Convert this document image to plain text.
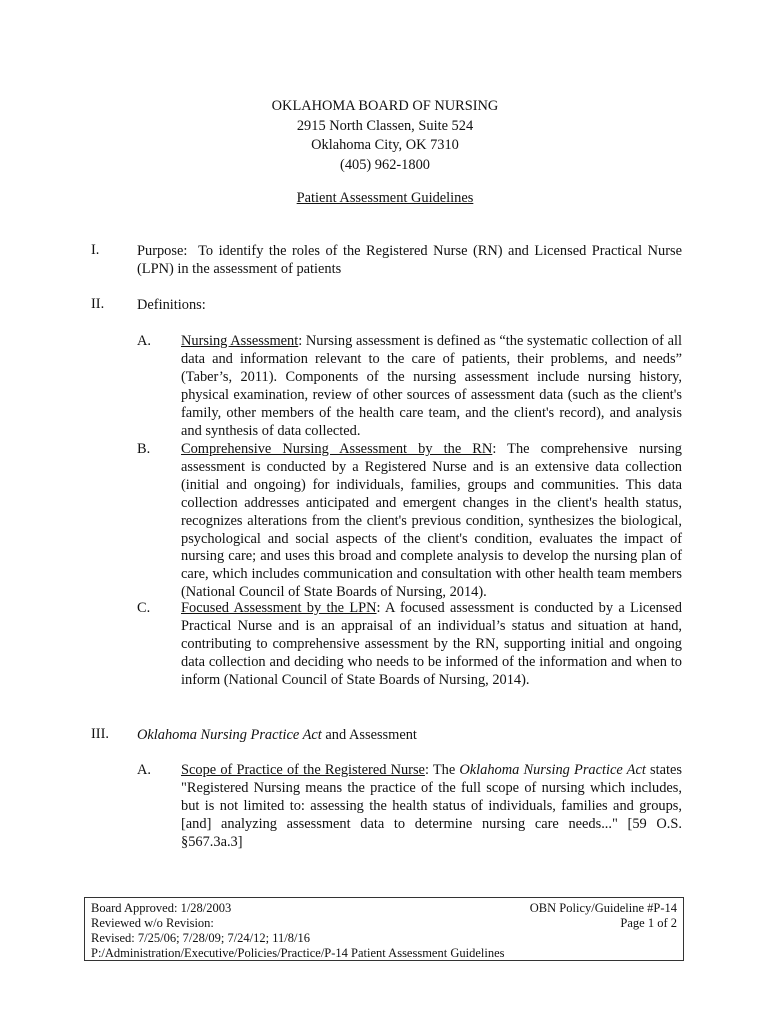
OKLAHOMA BOARD OF NURSING
2915 North Classen, Suite 524
Oklahoma City, OK 7310
(405) 962-1800
Patient Assessment Guidelines
I.	Purpose: To identify the roles of the Registered Nurse (RN) and Licensed Practical Nurse (LPN) in the assessment of patients
II. Definitions:
A. Nursing Assessment: Nursing assessment is defined as “the systematic collection of all data and information relevant to the care of patients, their problems, and needs” (Taber’s, 2011). Components of the nursing assessment include nursing history, physical examination, review of other sources of assessment data (such as the client's family, other members of the health care team, and the client's record), and analysis and synthesis of data collected.
B. Comprehensive Nursing Assessment by the RN: The comprehensive nursing assessment is conducted by a Registered Nurse and is an extensive data collection (initial and ongoing) for individuals, families, groups and communities. This data collection addresses anticipated and emergent changes in the client's health status, recognizes alterations from the client's previous condition, synthesizes the biological, psychological and social aspects of the client's condition, evaluates the impact of nursing care; and uses this broad and complete analysis to develop the nursing plan of care, which includes communication and consultation with other health team members (National Council of State Boards of Nursing, 2014).
C. Focused Assessment by the LPN: A focused assessment is conducted by a Licensed Practical Nurse and is an appraisal of an individual’s status and situation at hand, contributing to comprehensive assessment by the RN, supporting initial and ongoing data collection and deciding who needs to be informed of the information and when to inform (National Council of State Boards of Nursing, 2014).
III. Oklahoma Nursing Practice Act and Assessment
A. Scope of Practice of the Registered Nurse: The Oklahoma Nursing Practice Act states "Registered Nursing means the practice of the full scope of nursing which includes, but is not limited to: assessing the health status of individuals, families and groups, [and] analyzing assessment data to determine nursing care needs..." [59 O.S. §567.3a.3]
Board Approved: 1/28/2003
Reviewed w/o Revision:
Revised: 7/25/06; 7/28/09; 7/24/12; 11/8/16
P:/Administration/Executive/Policies/Practice/P-14 Patient Assessment Guidelines
OBN Policy/Guideline #P-14
Page 1 of 2
